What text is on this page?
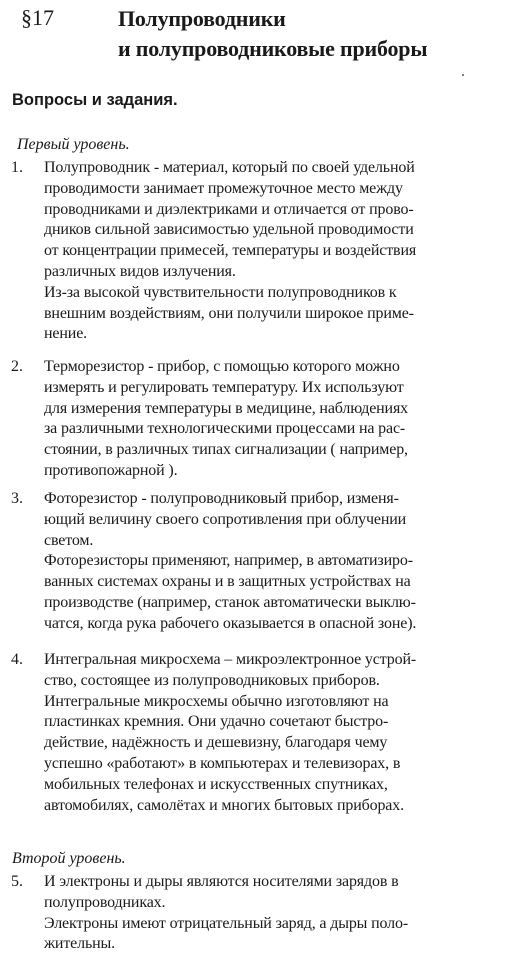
§17	Полупроводники
и полупроводниковые приборы
Вопросы и задания.
Первый уровень.
1. Полупроводник - материал, который по своей удельной
проводимости занимает промежуточное место между
проводниками и диэлектриками и отличается от прово-
дников сильной зависимостью удельной проводимости
от концентрации примесей, температуры и воздействия
различных видов излучения.
Из-за высокой чувствительности полупроводников к
внешним воздействиям, они получили широкое приме-
нение.
2. Терморезистор - прибор, с помощью которого можно
измерять и регулировать температуру. Их используют
для измерения температуры в медицине, наблюдениях
за различными технологическими процессами на рас-
стоянии, в различных типах сигнализации ( например,
противопожарной ).
3. Фоторезистор - полупроводниковый прибор, изменя-
ющий величину своего сопротивления при облучении
светом.
Фоторезисторы применяют, например, в автоматизиро-
ванных системах охраны и в защитных устройствах на
производстве (например, станок автоматически выклю-
чатся, когда рука рабочего оказывается в опасной зоне).
4. Интегральная микросхема – микроэлектронное устрой-
ство, состоящее из полупроводниковых приборов.
Интегральные микросхемы обычно изготовляют на
пластинках кремния. Они удачно сочетают быстро-
действие, надёжность и дешевизну, благодаря чему
успешно «работают» в компьютерах и телевизорах, в
мобильных телефонах и искусственных спутниках,
автомобилях, самолётах и многих бытовых приборах.
Второй уровень.
5. И электроны и дыры являются носителями зарядов в
полупроводниках.
Электроны имеют отрицательный заряд, а дыры поло-
жительны.
